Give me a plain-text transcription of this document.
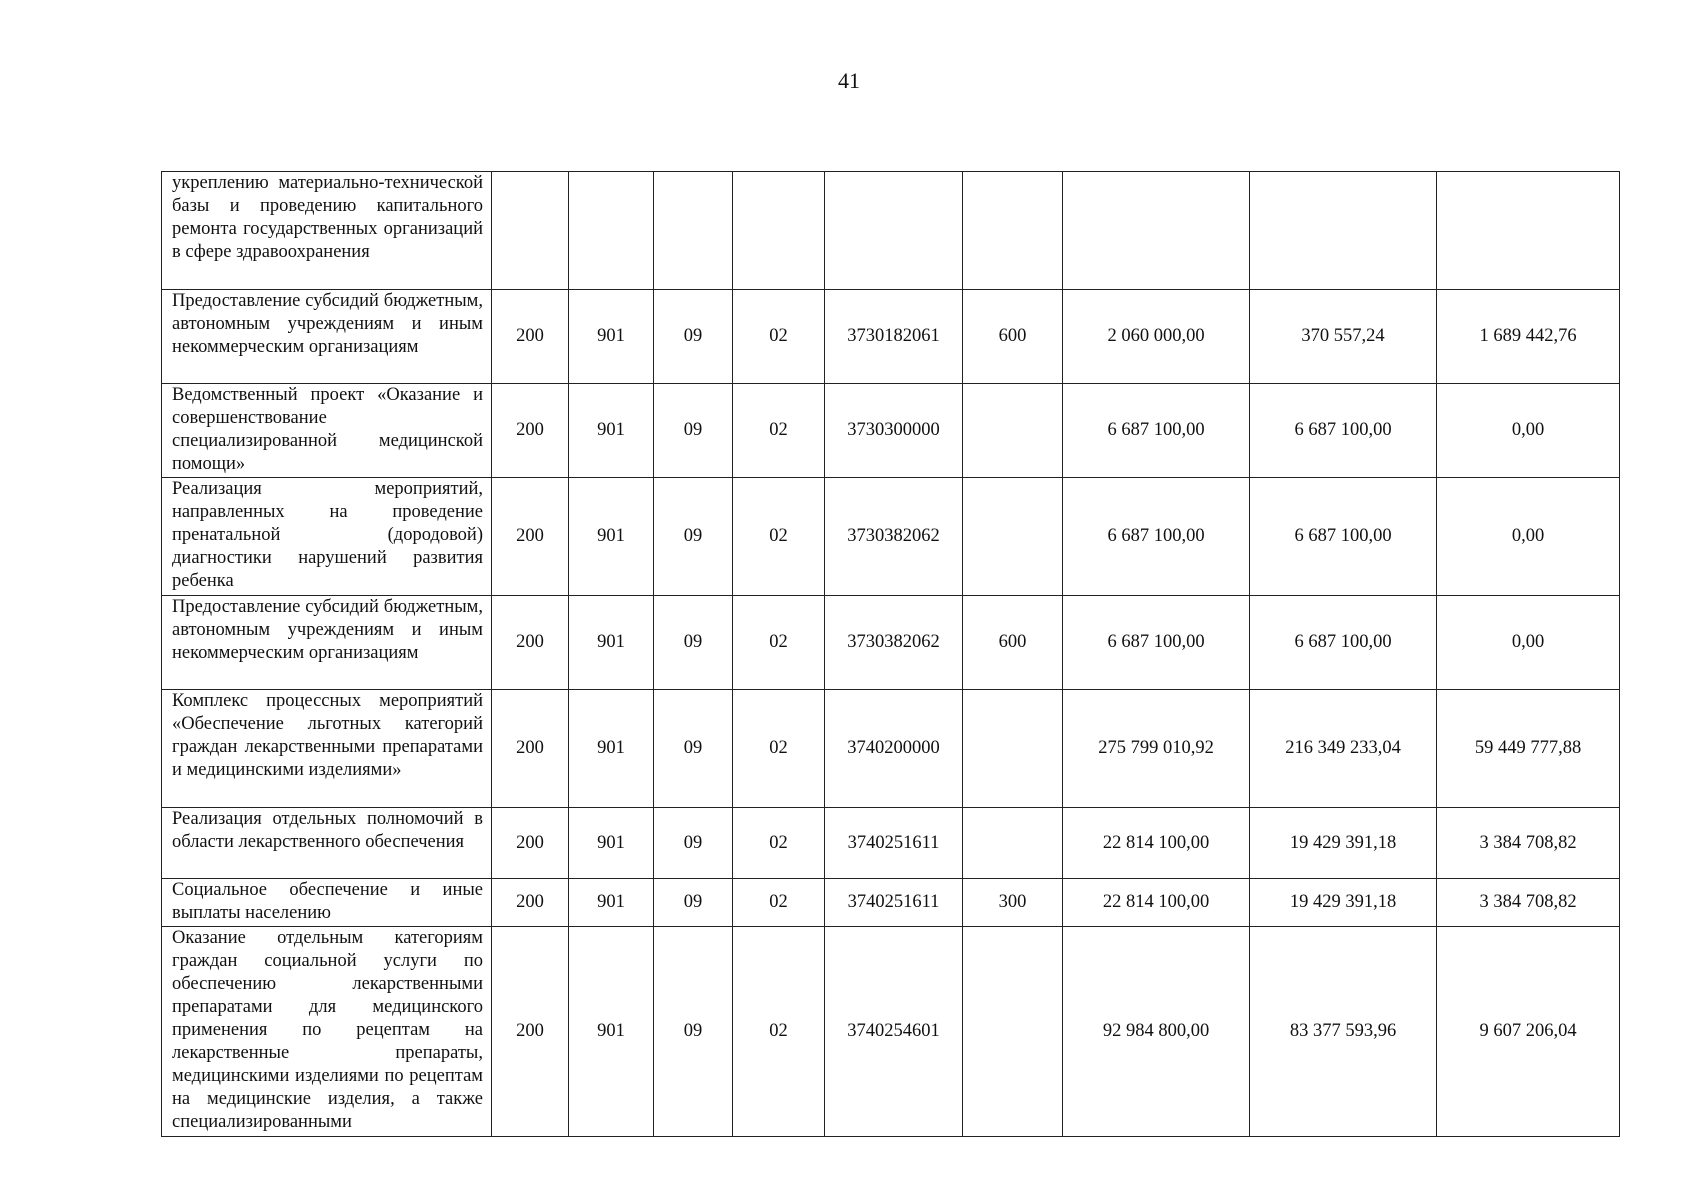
41
укреплению материально-технической базы и проведению капитального ремонта государственных организаций в сфере здравоохранения									
Предоставление субсидий бюджетным, автономным учреждениям и иным некоммерческим организациям	200	901	09	02	3730182061	600	2 060 000,00	370 557,24	1 689 442,76
Ведомственный проект «Оказание и совершенствование специализированной медицинской помощи»	200	901	09	02	3730300000		6 687 100,00	6 687 100,00	0,00
Реализация мероприятий, направленных на проведение пренатальной (дородовой) диагностики нарушений развития ребенка	200	901	09	02	3730382062		6 687 100,00	6 687 100,00	0,00
Предоставление субсидий бюджетным, автономным учреждениям и иным некоммерческим организациям	200	901	09	02	3730382062	600	6 687 100,00	6 687 100,00	0,00
Комплекс процессных мероприятий «Обеспечение льготных категорий граждан лекарственными препаратами и медицинскими изделиями»	200	901	09	02	3740200000		275 799 010,92	216 349 233,04	59 449 777,88
Реализация отдельных полномочий в области лекарственного обеспечения	200	901	09	02	3740251611		22 814 100,00	19 429 391,18	3 384 708,82
Социальное обеспечение и иные выплаты населению	200	901	09	02	3740251611	300	22 814 100,00	19 429 391,18	3 384 708,82
Оказание отдельным категориям граждан социальной услуги по обеспечению лекарственными препаратами для медицинского применения по рецептам на лекарственные препараты, медицинскими изделиями по рецептам на медицинские изделия, а также специализированными	200	901	09	02	3740254601		92 984 800,00	83 377 593,96	9 607 206,04
